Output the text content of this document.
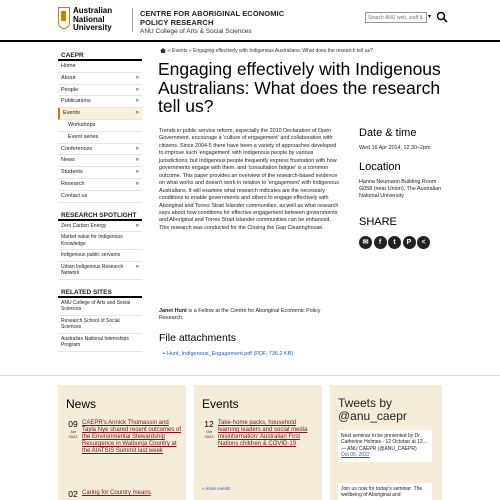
Australian
National
University
CENTRE FOR ABORIGINAL ECONOMIC POLICY RESEARCH
ANU College of Arts & Social Sciences
Search ANU web, staff & maps
▾
CAEPR
Home
About	»
People	»
Publications	»
Events	»
Workshops
Event series
Conferences	»
News	»
Students	»
Research	»
Contact us
RESEARCH SPOTLIGHT
Zero Carbon Energy	»
Market value for Indigenous Knowledge
Indigenous public servants
Urban Indigenous Research Network
»
RELATED SITES
ANU College of Arts and Social Sciences
Research School of Social Sciences
Australian National Internships Program
» Events » Engaging effectively with Indigenous Australians: What does the research tell us?
Engaging effectively with Indigenous Australians: What does the research tell us?

Trends in public service reform, especially the 2010 Declaration of Open Government, encourage a 'culture of engagement' and collaboration with citizens. Since 2004-5 there have been a variety of approaches developed to improve such 'engagement' with Indigenous people by various jurisdictions, but Indigenous people frequently express frustration with how governments engage with them, and 'consultation fatigue' is a common outcome. This paper provides an overview of the research-based evidence on what works and doesn't work in relation to 'engagement' with Indigenous Australians. It will examine what research indicates are the necessary conditions to enable governments and others to engage effectively with Aboriginal and Torres Strait Islander communities, as well as what research says about how conditions for effective engagement between governments and Aboriginal and Torres Strait Islander communities can be enhanced. This research was conducted for the Closing the Gap Clearinghouse.

Janet Hunt is a Fellow at the Centre for Aboriginal Economic Policy Research.

File attachments
• Hunt_Indigenous_Engagement.pdf (PDF, 736.2 KB)
Date & time
Wed 16 Apr 2014, 12:30–2pm
Location
Hanna Neumann Building Room G058 (near Union), The Australian National University
SHARE
✉	f	t	P	<
News
09
Jun
2022
CAEPR's Annick Thomassin and Tayla Nye shared recent outcomes of the Environmental Stewardship Resurgence in Walbunja Country at the AIATSIS Summit last week
02 Caring for Country means
Events
12
Oct
2022
Take-home packs, household learning leaders and social media misinformation: Australian First Nations children & COVID-19
» more events
Tweets by @anu_caepr
Next seminar to be presented by Dr Catherine Holmes - 12 October at 12...
— ANU CAEPR (@ANU_CAEPR)
Oct 05, 2022
Join us now for today's seminar: The wellbeing of Aboriginal and
